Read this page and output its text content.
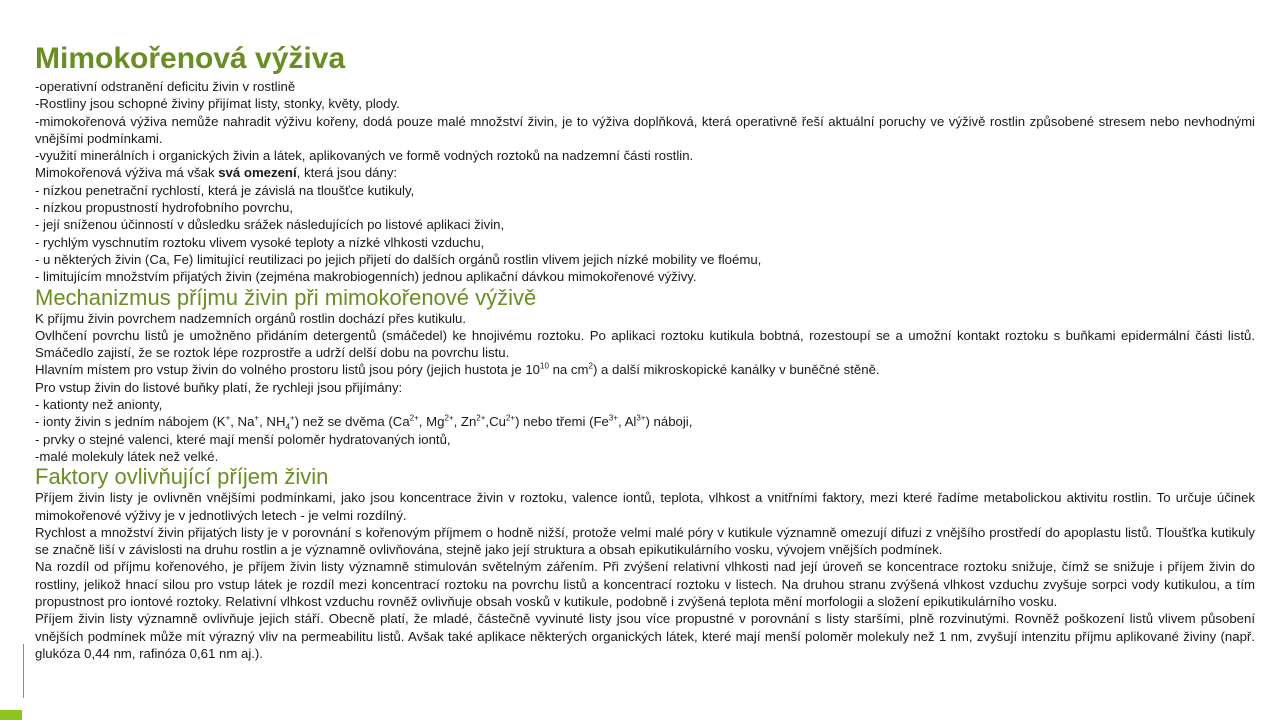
Mimokořenová výživa

-operativní odstranění deficitu živin v rostlině

-Rostliny jsou schopné živiny přijímat listy, stonky, květy, plody.

-mimokořenová výživa nemůže nahradit výživu kořeny, dodá pouze malé množství živin, je to výživa doplňková, která operativně řeší aktuální poruchy ve výživě rostlin způsobené stresem nebo nevhodnými vnějšími podmínkami.

-využití minerálních i organických živin a látek, aplikovaných ve formě vodných roztoků na nadzemní části rostlin.

Mimokořenová výživa má však svá omezení, která jsou dány:

- nízkou penetrační rychlostí, která je závislá na tloušťce kutikuly,

- nízkou propustností hydrofobního povrchu,

- její sníženou účinností v důsledku srážek následujících po listové aplikaci živin,

- rychlým vyschnutím roztoku vlivem vysoké teploty a nízké vlhkosti vzduchu,

- u některých živin (Ca, Fe) limitující reutilizaci po jejich přijetí do dalších orgánů rostlin vlivem jejich nízké mobility ve floému,

- limitujícím množstvím přijatých živin (zejména makrobiogenních) jednou aplikační dávkou mimokořenové výživy.

Mechanizmus příjmu živin při mimokořenové výživě

K příjmu živin povrchem nadzemních orgánů rostlin dochází přes kutikulu.

Ovlhčení povrchu listů je umožněno přidáním detergentů (smáčedel) ke hnojivému roztoku. Po aplikaci roztoku kutikula bobtná, rozestoupí se a umožní kontakt roztoku s buňkami epidermální části listů. Smáčedlo zajistí, že se roztok lépe rozprostře a udrží delší dobu na povrchu listu.

Hlavním místem pro vstup živin do volného prostoru listů jsou póry (jejich hustota je $10^{10}$ na $cm^2$) a další mikroskopické kanálky v buněčné stěně.

Pro vstup živin do listové buňky platí, že rychleji jsou přijímány:

- kationty než anionty,

- ionty živin s jedním nábojem (K+, Na+, $NH_4^+$) než se dvěma ($Ca^{2+}$, $Mg^{2+}$, $Zn^{2+},Cu^{2+}$) nebo třemi ($Fe^{3+}$, $Al^{3+}$) náboji,

- prvky o stejné valenci, které mají menší poloměr hydratovaných iontů,

-malé molekuly látek než velké.

Faktory ovlivňující příjem živin

Příjem živin listy je ovlivněn vnějšími podmínkami, jako jsou koncentrace živin v roztoku, valence iontů, teplota, vlhkost a vnitřními faktory, mezi které řadíme metabolickou aktivitu rostlin. To určuje účinek mimokořenové výživy je v jednotlivých letech - je velmi rozdílný.

Rychlost a množství živin přijatých listy je v porovnání s kořenovým příjmem o hodně nižší, protože velmi malé póry v kutikule významně omezují difuzi z vnějšího prostředí do apoplastu listů. Tloušťka kutikuly se značně liší v závislosti na druhu rostlin a je významně ovlivňována, stejně jako její struktura a obsah epikutikulárního vosku, vývojem vnějších podmínek.

Na rozdíl od příjmu kořenového, je příjem živin listy významně stimulován světelným zářením. Při zvýšení relativní vlhkosti nad její úroveň se koncentrace roztoku snižuje, čímž se snižuje i příjem živin do rostliny, jelikož hnací silou pro vstup látek je rozdíl mezi koncentrací roztoku na povrchu listů a koncentrací roztoku v listech. Na druhou stranu zvýšená vlhkost vzduchu zvyšuje sorpci vody kutikulou, a tím propustnost pro iontové roztoky. Relativní vlhkost vzduchu rovněž ovlivňuje obsah vosků v kutikule, podobně i zvýšená teplota mění morfologii a složení epikutikulárního vosku.

Příjem živin listy významně ovlivňuje jejich stáří. Obecně platí, že mladé, částečně vyvinuté listy jsou více propustné v porovnání s listy staršími, plně rozvinutými. Rovněž poškození listů vlivem působení vnějších podmínek může mít výrazný vliv na permeabilitu listů. Avšak také aplikace některých organických látek, které mají menší poloměr molekuly než 1 nm, zvyšují intenzitu příjmu aplikované živiny (např. glukóza 0,44 nm, rafinóza 0,61 nm aj.).
